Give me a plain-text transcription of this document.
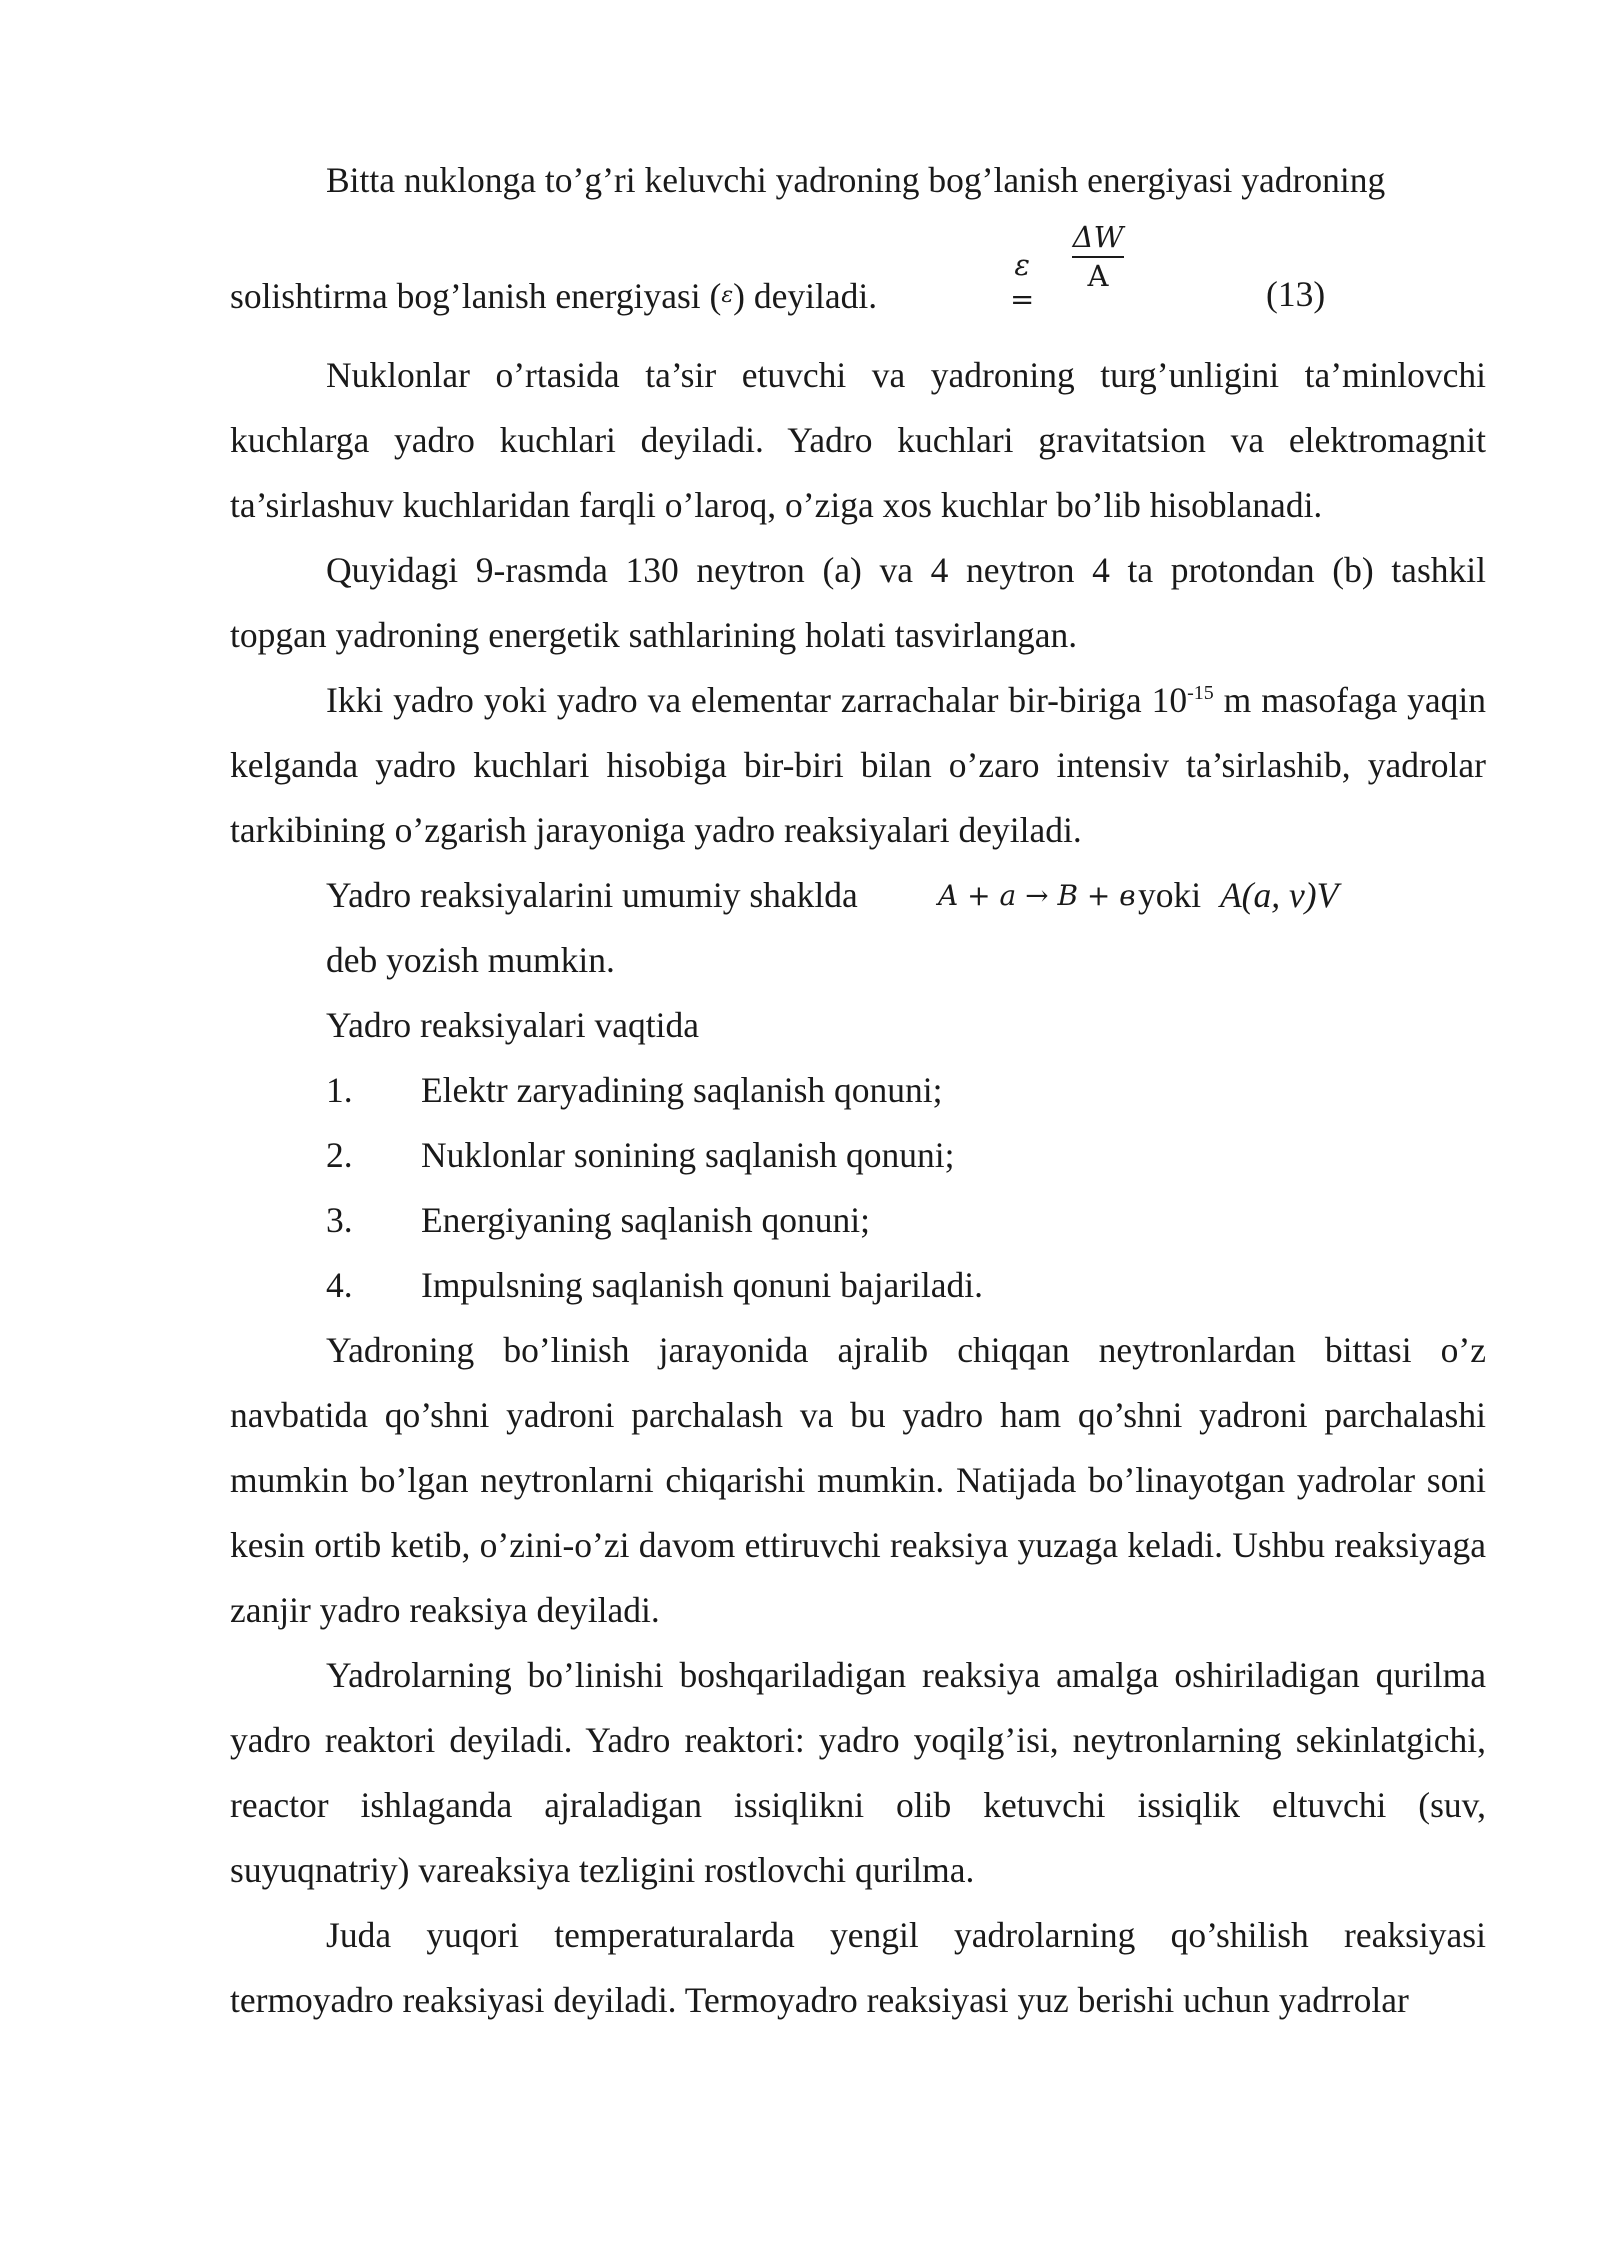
Bitta nuklonga to’g’ri keluvchi yadroning bog’lanish energiyasi yadroning
solishtirma bog’lanish energiyasi (ε) deyiladi.
ε =
$\frac{\Delta W}{A}$	(13)

Nuklonlar o’rtasida ta’sir etuvchi va yadroning turg’unligini ta’minlovchi kuchlarga yadro kuchlari deyiladi. Yadro kuchlari gravitatsion va elektromagnit ta’sirlashuv kuchlaridan farqli o’laroq, o’ziga xos kuchlar bo’lib hisoblanadi.

Quyidagi 9-rasmda 130 neytron (a) va 4 neytron 4 ta protondan (b) tashkil topgan yadroning energetik sathlarining holati tasvirlangan.

Ikki yadro yoki yadro va elementar zarrachalar bir-biriga $10^{-15}$ m masofaga yaqin kelganda yadro kuchlari hisobiga bir-biri bilan o’zaro intensiv ta’sirlashib, yadrolar tarkibining o’zgarish jarayoniga yadro reaksiyalari deyiladi.

Yadro reaksiyalarini umumiy shaklda	A + a → B + в yoki A(a, v)V
deb yozish mumkin.
Yadro reaksiyalari vaqtida
1. Elektr zaryadining saqlanish qonuni;
2. Nuklonlar sonining saqlanish qonuni;
3. Energiyaning saqlanish qonuni;
4. Impulsning saqlanish qonuni bajariladi.

Yadroning bo’linish jarayonida ajralib chiqqan neytronlardan bittasi o’z navbatida qo’shni yadroni parchalash va bu yadro ham qo’shni yadroni parchalashi mumkin bo’lgan neytronlarni chiqarishi mumkin. Natijada bo’linayotgan yadrolar soni kesin ortib ketib, o’zini-o’zi davom ettiruvchi reaksiya yuzaga keladi. Ushbu reaksiyaga zanjir yadro reaksiya deyiladi.

Yadrolarning bo’linishi boshqariladigan reaksiya amalga oshiriladigan qurilma yadro reaktori deyiladi. Yadro reaktori: yadro yoqilg’isi, neytronlarning sekinlatgichi, reactor ishlaganda ajraladigan issiqlikni olib ketuvchi issiqlik eltuvchi (suv, suyuqnatriy) vareaksiya tezligini rostlovchi qurilma.

Juda yuqori temperaturalarda yengil yadrolarning qo’shilish reaksiyasi termoyadro reaksiyasi deyiladi. Termoyadro reaksiyasi yuz berishi uchun yadrrolar
